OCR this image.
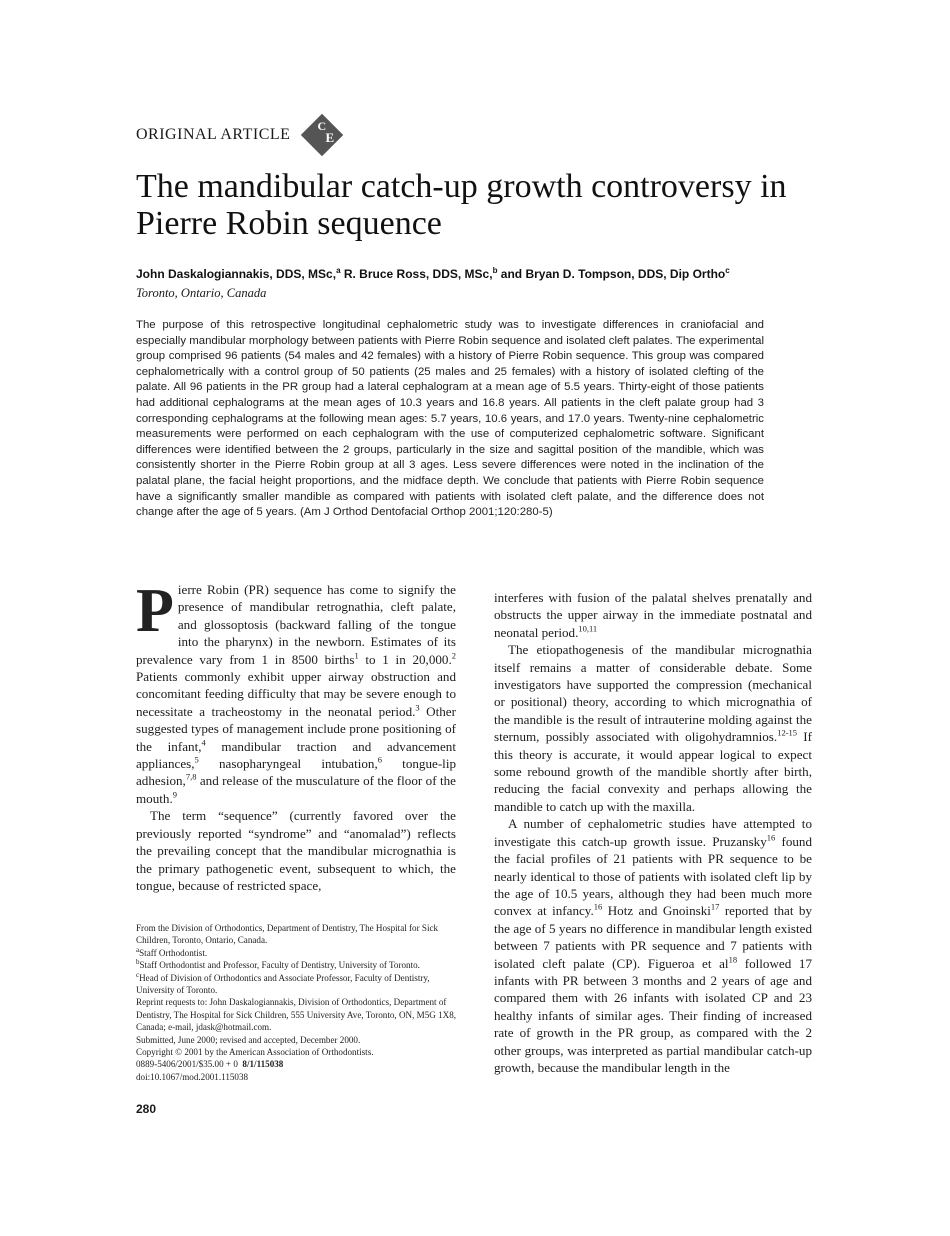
ORIGINAL ARTICLE C
E
The mandibular catch-up growth controversy in Pierre Robin sequence
John Daskalogiannakis, DDS, MSc,$^a$ R. Bruce Ross, DDS, MSc,$^b$ and Bryan D. Tompson, DDS, Dip Ortho$^c$
Toronto, Ontario, Canada
The purpose of this retrospective longitudinal cephalometric study was to investigate differences in craniofacial and especially mandibular morphology between patients with Pierre Robin sequence and isolated cleft palates. The experimental group comprised 96 patients (54 males and 42 females) with a history of Pierre Robin sequence. This group was compared cephalometrically with a control group of 50 patients (25 males and 25 females) with a history of isolated clefting of the palate. All 96 patients in the PR group had a lateral cephalogram at a mean age of 5.5 years. Thirty-eight of those patients had additional cephalograms at the mean ages of 10.3 years and 16.8 years. All patients in the cleft palate group had 3 corresponding cephalograms at the following mean ages: 5.7 years, 10.6 years, and 17.0 years. Twenty-nine cephalometric measurements were performed on each cephalogram with the use of computerized cephalometric software. Significant differences were identified between the 2 groups, particularly in the size and sagittal position of the mandible, which was consistently shorter in the Pierre Robin group at all 3 ages. Less severe differences were noted in the inclination of the palatal plane, the facial height proportions, and the midface depth. We conclude that patients with Pierre Robin sequence have a significantly smaller mandible as compared with patients with isolated cleft palate, and the difference does not change after the age of 5 years. (Am J Orthod Dentofacial Orthop 2001;120:280-5)

Pierre Robin (PR) sequence has come to signify the presence of mandibular retrognathia, cleft palate, and glossoptosis (backward falling of the tongue into the pharynx) in the newborn. Estimates of its prevalence vary from 1 in 8500 births$^1$ to 1 in 20,000.$^2$ Patients commonly exhibit upper airway obstruction and concomitant feeding difficulty that may be severe enough to necessitate a tracheostomy in the neonatal period.$^3$ Other suggested types of management include prone positioning of the infant,$^4$ mandibular traction and advancement appliances,$^5$ nasopharyngeal intubation,$^6$ tongue-lip adhesion,$^{7,8}$ and release of the musculature of the floor of the mouth.$^9$

The term “sequence” (currently favored over the previously reported “syndrome” and “anomalad”) reflects the prevailing concept that the mandibular micrognathia is the primary pathogenetic event, subsequent to which, the tongue, because of restricted space,

From the Division of Orthodontics, Department of Dentistry, The Hospital for Sick Children, Toronto, Ontario, Canada.
$^a$Staff Orthodontist.
$^b$Staff Orthodontist and Professor, Faculty of Dentistry, University of Toronto.
$^c$Head of Division of Orthodontics and Associate Professor, Faculty of Dentistry, University of Toronto.
Reprint requests to: John Daskalogiannakis, Division of Orthodontics, Department of Dentistry, The Hospital for Sick Children, 555 University Ave, Toronto, ON, M5G 1X8, Canada; e-mail, jdask@hotmail.com.
Submitted, June 2000; revised and accepted, December 2000.
Copyright © 2001 by the American Association of Orthodontists.
0889-5406/2001/$35.00 + 0 8/1/115038
doi:10.1067/mod.2001.115038

interferes with fusion of the palatal shelves prenatally and obstructs the upper airway in the immediate postnatal and neonatal period.$^{10,11}$

The etiopathogenesis of the mandibular micrognathia itself remains a matter of considerable debate. Some investigators have supported the compression (mechanical or positional) theory, according to which micrognathia of the mandible is the result of intrauterine molding against the sternum, possibly associated with oligohydramnios.$^{12-15}$ If this theory is accurate, it would appear logical to expect some rebound growth of the mandible shortly after birth, reducing the facial convexity and perhaps allowing the mandible to catch up with the maxilla.

A number of cephalometric studies have attempted to investigate this catch-up growth issue. Pruzansky$^{16}$ found the facial profiles of 21 patients with PR sequence to be nearly identical to those of patients with isolated cleft lip by the age of 10.5 years, although they had been much more convex at infancy.$^{16}$ Hotz and Gnoinski$^{17}$ reported that by the age of 5 years no difference in mandibular length existed between 7 patients with PR sequence and 7 patients with isolated cleft palate (CP). Figueroa et $al^{18}$ followed 17 infants with PR between 3 months and 2 years of age and compared them with 26 infants with isolated CP and 23 healthy infants of similar ages. Their finding of increased rate of growth in the PR group, as compared with the 2 other groups, was interpreted as partial mandibular catch-up growth, because the mandibular length in the

280
